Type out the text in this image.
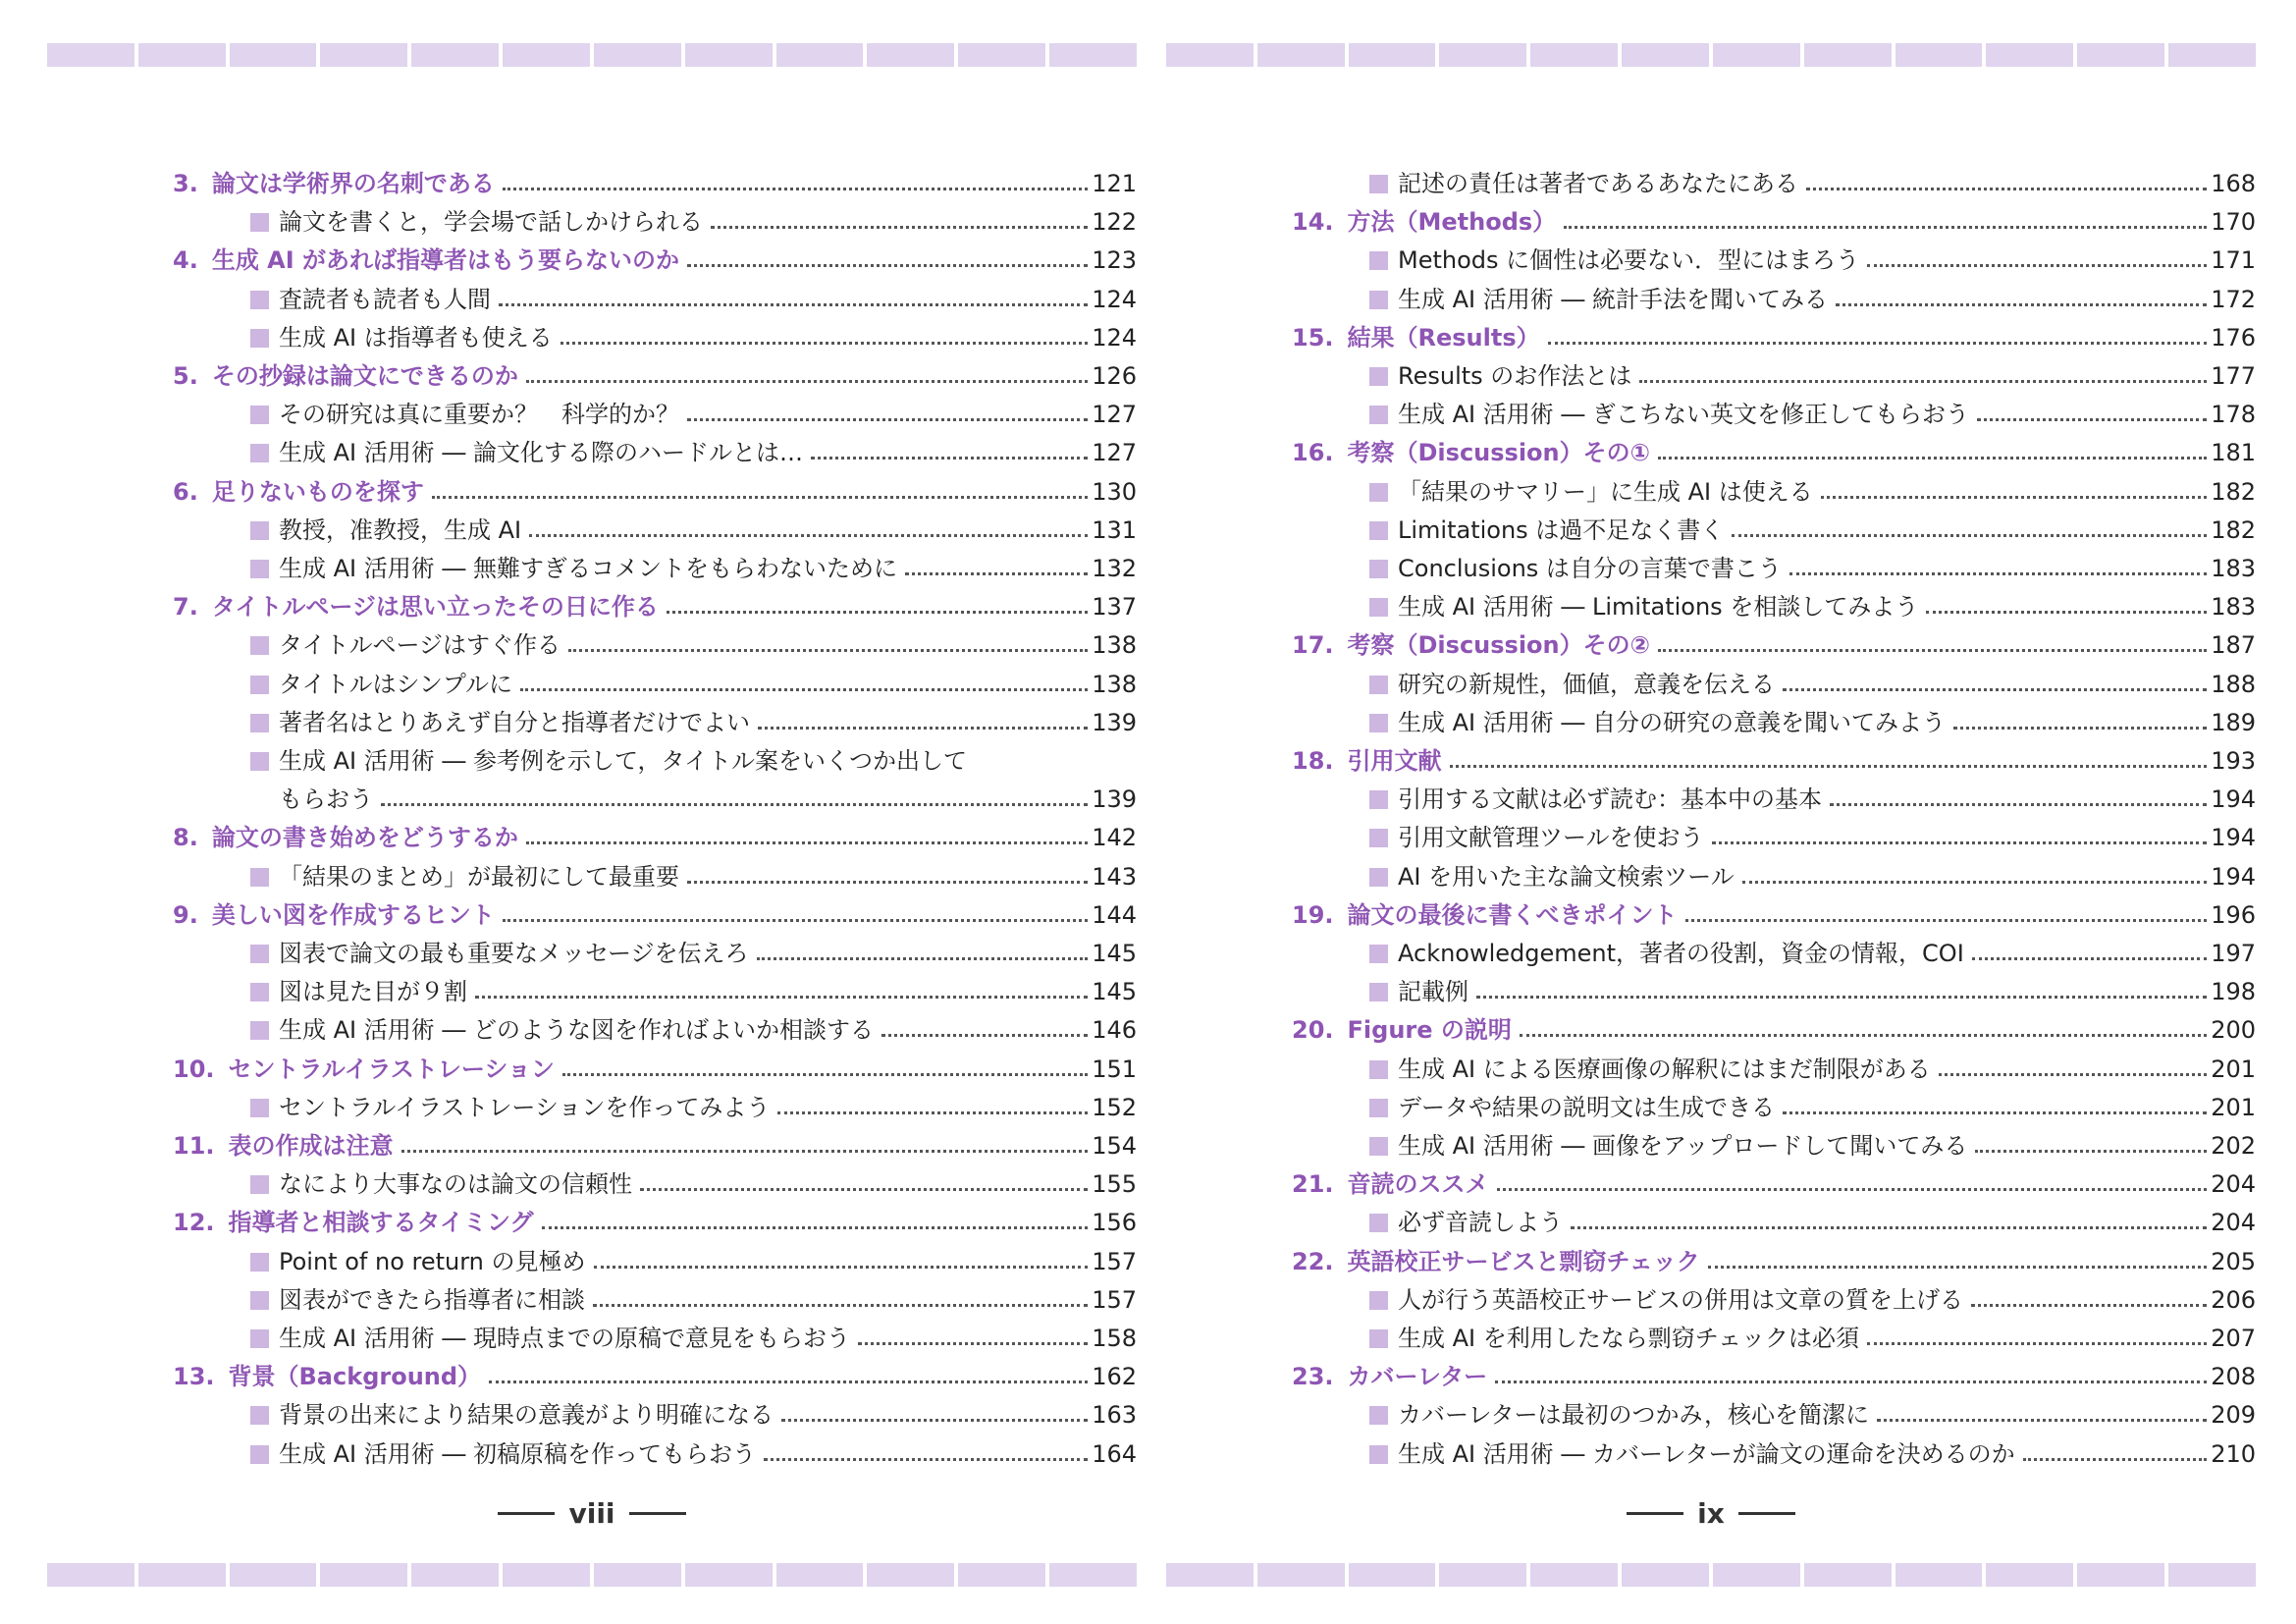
3. 論文は学術界の名刺である	121
論文を書くと，学会場で話しかけられる	122
4. 生成 AI があれば指導者はもう要らないのか	123
査読者も読者も人間	124
生成 AI は指導者も使える	124
5. その抄録は論文にできるのか	126
その研究は真に重要か？　科学的か？	127
生成 AI 活用術 ― 論文化する際のハードルとは…	127
6. 足りないものを探す	130
教授，准教授，生成 AI	131
生成 AI 活用術 ― 無難すぎるコメントをもらわないために	132
7. タイトルページは思い立ったその日に作る	137
タイトルページはすぐ作る	138
タイトルはシンプルに	138
著者名はとりあえず自分と指導者だけでよい	139
生成 AI 活用術 ― 参考例を示して，タイトル案をいくつか出して
もらおう	139
8. 論文の書き始めをどうするか	142
「結果のまとめ」が最初にして最重要	143
9. 美しい図を作成するヒント	144
図表で論文の最も重要なメッセージを伝えろ	145
図は見た目が９割	145
生成 AI 活用術 ― どのような図を作ればよいか相談する	146
10. セントラルイラストレーション	151
セントラルイラストレーションを作ってみよう	152
11. 表の作成は注意	154
なにより大事なのは論文の信頼性	155
12. 指導者と相談するタイミング	156
Point of no return の見極め	157
図表ができたら指導者に相談	157
生成 AI 活用術 ― 現時点までの原稿で意見をもらおう	158
13. 背景（Background）	162
背景の出来により結果の意義がより明確になる	163
生成 AI 活用術 ― 初稿原稿を作ってもらおう	164
viii
記述の責任は著者であるあなたにある	168
14. 方法（Methods）	170
Methods に個性は必要ない．型にはまろう	171
生成 AI 活用術 ― 統計手法を聞いてみる	172
15. 結果（Results）	176
Results のお作法とは	177
生成 AI 活用術 ― ぎこちない英文を修正してもらおう	178
16. 考察（Discussion）その①	181
「結果のサマリー」に生成 AI は使える	182
Limitations は過不足なく書く	182
Conclusions は自分の言葉で書こう	183
生成 AI 活用術 ― Limitations を相談してみよう	183
17. 考察（Discussion）その②	187
研究の新規性，価値，意義を伝える	188
生成 AI 活用術 ― 自分の研究の意義を聞いてみよう	189
18. 引用文献	193
引用する文献は必ず読む：基本中の基本	194
引用文献管理ツールを使おう	194
AI を用いた主な論文検索ツール	194
19. 論文の最後に書くべきポイント	196
Acknowledgement，著者の役割，資金の情報，COI	197
記載例	198
20. Figure の説明	200
生成 AI による医療画像の解釈にはまだ制限がある	201
データや結果の説明文は生成できる	201
生成 AI 活用術 ― 画像をアップロードして聞いてみる	202
21. 音読のススメ	204
必ず音読しよう	204
22. 英語校正サービスと剽窃チェック	205
人が行う英語校正サービスの併用は文章の質を上げる	206
生成 AI を利用したなら剽窃チェックは必須	207
23. カバーレター	208
カバーレターは最初のつかみ，核心を簡潔に	209
生成 AI 活用術 ― カバーレターが論文の運命を決めるのか	210
ix
